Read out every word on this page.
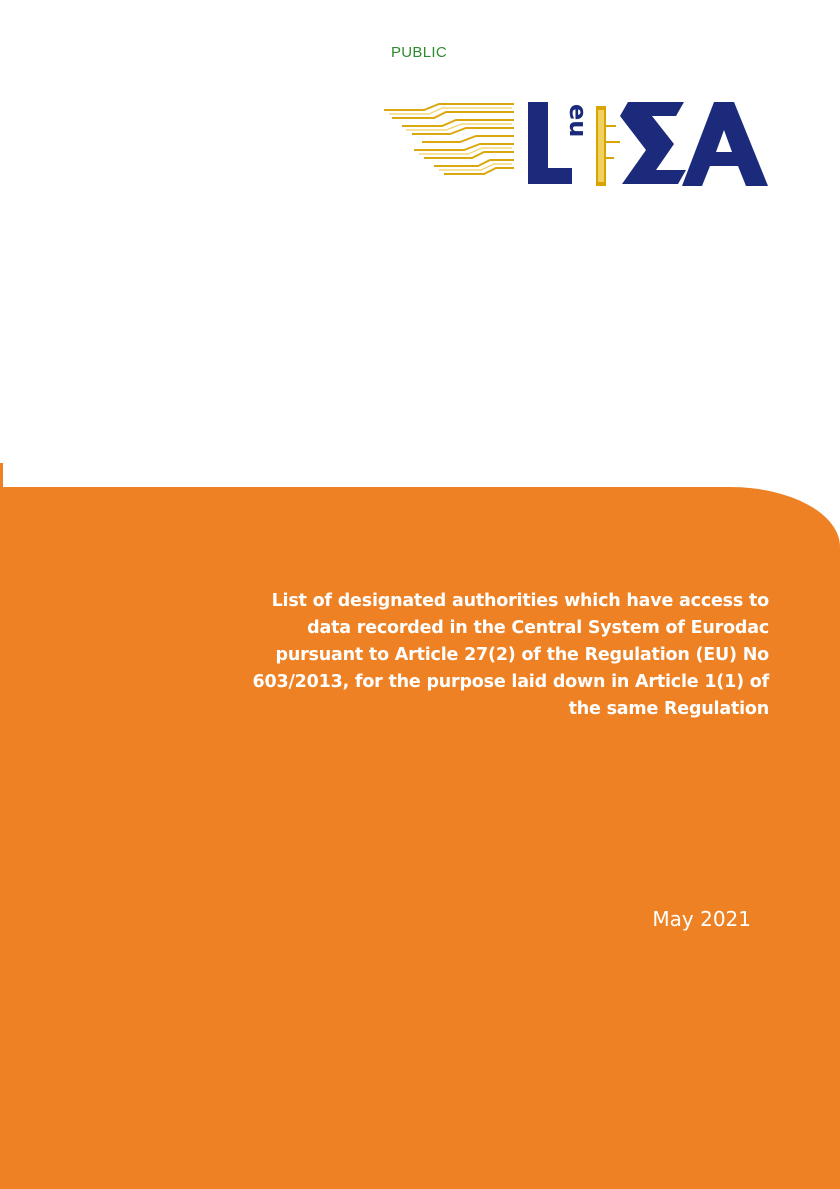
PUBLIC
eu
List of designated authorities which have access to data recorded in the Central System of Eurodac pursuant to Article 27(2) of the Regulation (EU) No 603/2013, for the purpose laid down in Article 1(1) of the same Regulation
May 2021
